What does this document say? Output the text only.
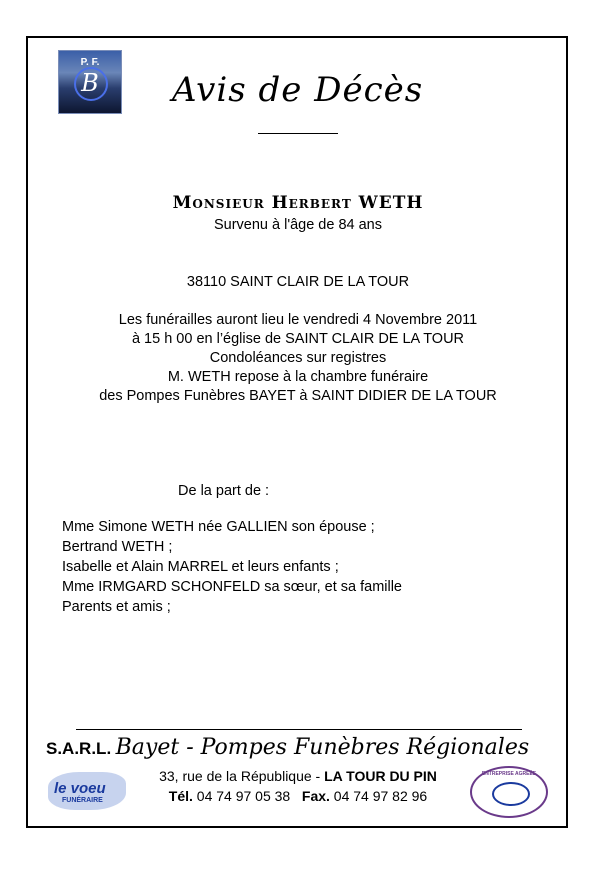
P. F.
B	Avis de Décès
Monsieur Herbert WETH
Survenu à l'âge de 84 ans
38110 SAINT CLAIR DE LA TOUR
Les funérailles auront lieu le vendredi 4 Novembre 2011
à 15 h 00 en l’église de SAINT CLAIR DE LA TOUR
Condoléances sur registres
M. WETH repose à la chambre funéraire
des Pompes Funèbres BAYET à SAINT DIDIER DE LA TOUR
De la part de :
Mme Simone WETH née GALLIEN son épouse ;
Bertrand WETH ;
Isabelle et Alain MARREL et leurs enfants ;
Mme IRMGARD SCHONFELD sa sœur, et sa famille
Parents et amis ;
S.A.R.L. Bayet - Pompes Funèbres Régionales
33, rue de la République - LA TOUR DU PIN
Tél. 04 74 97 05 38 Fax. 04 74 97 82 96
le voeu
FUNÉRAIRE
ENTREPRISE AGRÉÉE
